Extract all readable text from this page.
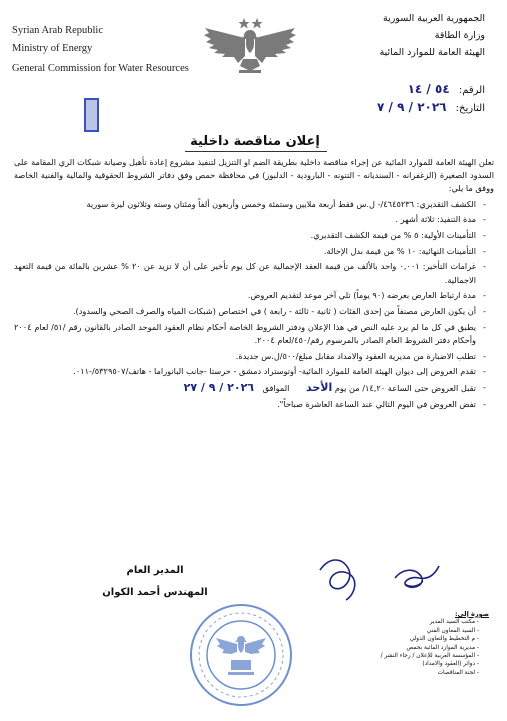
Syrian Arab Republic
Ministry of Energy
General Commission for Water Resources
الجمهورية العربية السورية
وزارة الطاقة
الهيئة العامة للموارد المائية
الرقم: ٥٤ / ١٤
التاريخ: ٢٠٢٦ / ٩ / ٧
إعلان مناقصة داخلية

تعلن الهيئة العامة للموارد المائية عن إجراء مناقصة داخلية بطريقة الضم او التنزيل لتنفيذ مشروع إعادة تأهيل وصيانة شبكات الري المقامة على السدود الصغيرة (الزغفرانه - السنديانه - التنونه - البارودية - الدلبوز) في محافظة حمص وفق دفاتر الشروط الحقوقية والمالية والفنية الخاصة ووفق ما يلي:

- الكشف التقديري: ٤٦٤٥٢٣٦/- ل.س فقط أربعة ملايين وستمئة وخمس وأربعون ألفاً ومئتان وسته وثلاثون ليرة سورية
- مدة التنفيذ: ثلاثة أشهر .
- التأمينات الأولية: ٥ % من قيمة الكشف التقديري.
- التأمينات النهائية: ١٠ % من قيمة بدل الإحالة.
- غرامات التأخير: ٠,٠٠١ واحد بالألف من قيمة العقد الإجمالية عن كل يوم تأخير على أن لا تزيد عن ٢٠ % عشرين بالمائة من قيمة التعهد الاجمالية.
- مدة ارتباط العارض بعرضه (٩٠ يوماً) تلي آخر موعد لتقديم العروض.
- أن يكون العارض مصنفاً من إحدى الفئات ( ثانية - ثالثة - رابعة ) في اختصاص (شبكات المياه والصرف الصحي والسدود).
- يطبق في كل ما لم يرد عليه النص في هذا الإعلان ودفتر الشروط الخاصة أحكام نظام العقود الموحد الصادر بالقانون رقم /٥١/ لعام ٢٠٠٤ وأحكام دفتر الشروط العام الصادر بالمرسوم رقم/٤٥٠/لعام ٢٠٠٤.
- تطلب الاضبارة من مديرية العقود والامداد مقابل مبلغ/٥٠٠/ل.س جديدة.
- تقدم العروض إلى ديوان الهيئة العامة للموارد المائية- أوتوستراد دمشق - حرستا -جانب البانوراما - هاتف/٥٣٢٩٥٠٧/-٠١١.
- تقبل العروض حتى الساعة ١٤,٢٠/ من يوم الأحد الموافق ٢٠٢٦ / ٩ / ٢٧
- تفض العروض في اليوم التالي عند الساعة العاشرة صباحاً".
المدير العام
المهندس أحمد الكوان
صورة إلى:
- مكتب السيد المدير
- السيد المعاون الفني
- م التخطيط والتعاون الدولي
- مديرية الموارد المائية بحمص
- المؤسسة العربية للإعلان / رجاء النشر /
- دوائر (العقود والامداد)
- لجنة المناقصات
